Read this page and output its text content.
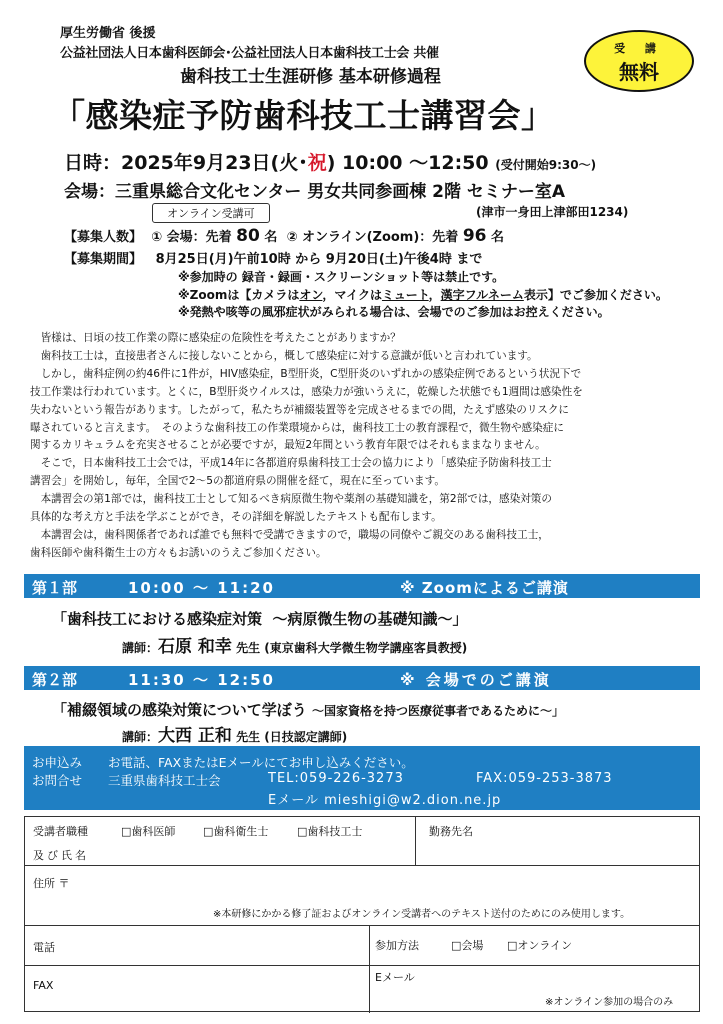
厚生労働省 後援
公益社団法人日本歯科医師会･公益社団法人日本歯科技工士会 共催
歯科技工士生涯研修 基本研修過程
「感染症予防歯科技工士講習会」
受 講
無料
日時：2025年9月23日(火･祝) 10:00 ～12:50 (受付開始9:30～)
会場：三重県総合文化センター 男女共同参画棟 2階 セミナー室A
オンライン受講可	(津市一身田上津部田1234)
【募集人数】 ① 会場：先着 80 名 ② オンライン(Zoom)：先着 96 名
【募集期間】 8月25日(月)午前10時 から 9月20日(土)午後4時 まで
※参加時の 録音・録画・スクリーンショット等は禁止です。
※Zoomは【カメラはオン，マイクはミュート，漢字フルネーム表示】でご参加ください。
※発熱や咳等の風邪症状がみられる場合は、会場でのご参加はお控えください。

　皆様は、日頃の技工作業の際に感染症の危険性を考えたことがありますか？

　歯科技工士は，直接患者さんに接しないことから，概して感染症に対する意識が低いと言われています。

　しかし，歯科症例の約46件に1件が，HIV感染症，B型肝炎，C型肝炎のいずれかの感染症例であるという状況下で

技工作業は行われています。とくに，B型肝炎ウイルスは，感染力が強いうえに，乾燥した状態でも1週間は感染性を

失わないという報告があります。したがって，私たちが補綴装置等を完成させるまでの間，たえず感染のリスクに

曝されていると言えます。　そのような歯科技工の作業環境からは，歯科技工士の教育課程で，微生物や感染症に

関するカリキュラムを充実させることが必要ですが，最短2年間という教育年限ではそれもままなりません。

　そこで，日本歯科技工士会では，平成14年に各都道府県歯科技工士会の協力により「感染症予防歯科技工士

講習会」を開始し，毎年，全国で2～5の都道府県の開催を経て，現在に至っています。

　本講習会の第1部では，歯科技工士として知るべき病原微生物や薬剤の基礎知識を，第2部では，感染対策の

具体的な考え方と手法を学ぶことができ，その詳細を解説したテキストも配布します。

　本講習会は，歯科関係者であれば誰でも無料で受講できますので，職場の同僚やご親交のある歯科技工士，

歯科医師や歯科衛生士の方々もお誘いのうえご参加ください。

第１部	10:00 ～ 11:20	※ Zoomによるご講演
「歯科技工における感染症対策 ～病原微生物の基礎知識～」
講師：石原 和幸 先生 (東京歯科大学微生物学講座客員教授)
第２部	11:30 ～ 12:50	※ 会場でのご講演
「補綴領域の感染対策について学ぼう ～国家資格を持つ医療従事者であるために～」
講師：大西 正和 先生 (日技認定講師)
お申込み お電話、FAXまたはEメールにてお申し込みください。
お問合せ 三重県歯科技工士会	TEL:059-226-3273	FAX:059-253-3873
Eメール mieshigi@w2.dion.ne.jp
受講者職種	□歯科医師	□歯科衛生士	□歯科技工士
及び氏名
勤務先名
住所 〒
※本研修にかかる修了証およびオンライン受講者へのテキスト送付のためにのみ使用します。
電話	参加方法	□会場 □オンライン
FAX
Eメール
※オンライン参加の場合のみ
